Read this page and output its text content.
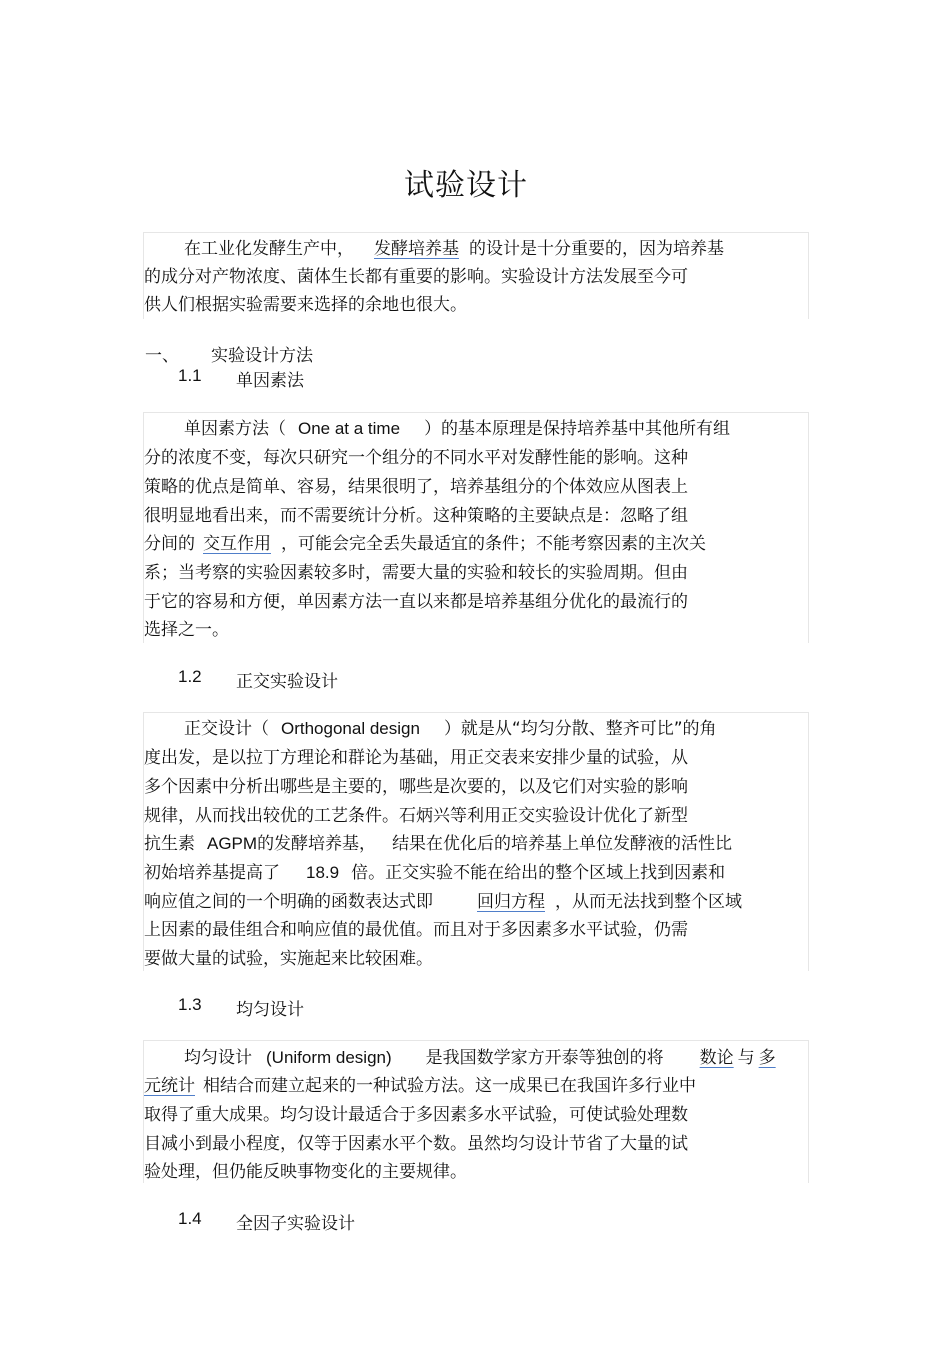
试验设计
在工业化发酵生产中， 发酵培养基 的设计是十分重要的，因为培养基
的成分对产物浓度、菌体生长都有重要的影响。实验设计方法发展至今可
供人们根据实验需要来选择的余地也很大。
一、 实验设计方法
1.1 单因素法
单因素方法（ One at a time ）的基本原理是保持培养基中其他所有组
分的浓度不变，每次只研究一个组分的不同水平对发酵性能的影响。这种
策略的优点是简单、容易，结果很明了，培养基组分的个体效应从图表上
很明显地看出来，而不需要统计分析。这种策略的主要缺点是：忽略了组
分间的 交互作用 ，可能会完全丢失最适宜的条件；不能考察因素的主次关
系；当考察的实验因素较多时，需要大量的实验和较长的实验周期。但由
于它的容易和方便，单因素方法一直以来都是培养基组分优化的最流行的
选择之一。
1.2 正交实验设计
正交设计（ Orthogonal design ）就是从“均匀分散、整齐可比”的角
度出发，是以拉丁方理论和群论为基础，用正交表来安排少量的试验，从
多个因素中分析出哪些是主要的，哪些是次要的，以及它们对实验的影响
规律，从而找出较优的工艺条件。石炳兴等利用正交实验设计优化了新型
抗生素 AGPM的发酵培养基， 结果在优化后的培养基上单位发酵液的活性比
初始培养基提高了 18.9 倍。正交实验不能在给出的整个区域上找到因素和
响应值之间的一个明确的函数表达式即	回归方程 ，从而无法找到整个区域
上因素的最佳组合和响应值的最优值。而且对于多因素多水平试验，仍需
要做大量的试验，实施起来比较困难。
1.3 均匀设计
均匀设计 (Uniform design) 是我国数学家方开泰等独创的将 数论 与 多
元统计 相结合而建立起来的一种试验方法。这一成果已在我国许多行业中
取得了重大成果。均匀设计最适合于多因素多水平试验，可使试验处理数
目减小到最小程度，仅等于因素水平个数。虽然均匀设计节省了大量的试
验处理，但仍能反映事物变化的主要规律。
1.4 全因子实验设计
